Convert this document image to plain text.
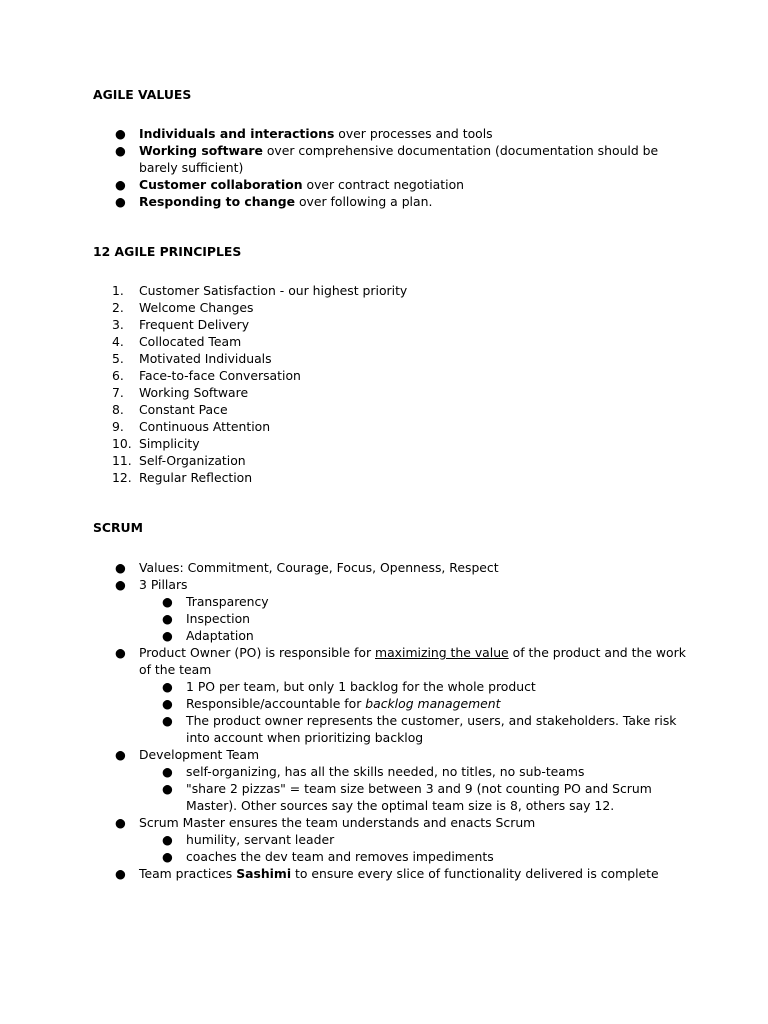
AGILE VALUES
● Individuals and interactions over processes and tools
● Working software over comprehensive documentation (documentation should be barely sufficient)
● Customer collaboration over contract negotiation
● Responding to change over following a plan.
12 AGILE PRINCIPLES
1. Customer Satisfaction - our highest priority
2. Welcome Changes
3. Frequent Delivery
4. Collocated Team
5. Motivated Individuals
6. Face-to-face Conversation
7. Working Software
8. Constant Pace
9. Continuous Attention
10. Simplicity
11. Self-Organization
12. Regular Reflection
SCRUM
● Values: Commitment, Courage, Focus, Openness, Respect
● 3 Pillars
● Transparency
● Inspection
● Adaptation
● Product Owner (PO) is responsible for maximizing the value of the product and the work of the team
● 1 PO per team, but only 1 backlog for the whole product
● Responsible/accountable for backlog management
● The product owner represents the customer, users, and stakeholders. Take risk into account when prioritizing backlog
● Development Team
● self-organizing, has all the skills needed, no titles, no sub-teams
● "share 2 pizzas" = team size between 3 and 9 (not counting PO and Scrum Master). Other sources say the optimal team size is 8, others say 12.
● Scrum Master ensures the team understands and enacts Scrum
● humility, servant leader
● coaches the dev team and removes impediments
● Team practices Sashimi to ensure every slice of functionality delivered is complete
